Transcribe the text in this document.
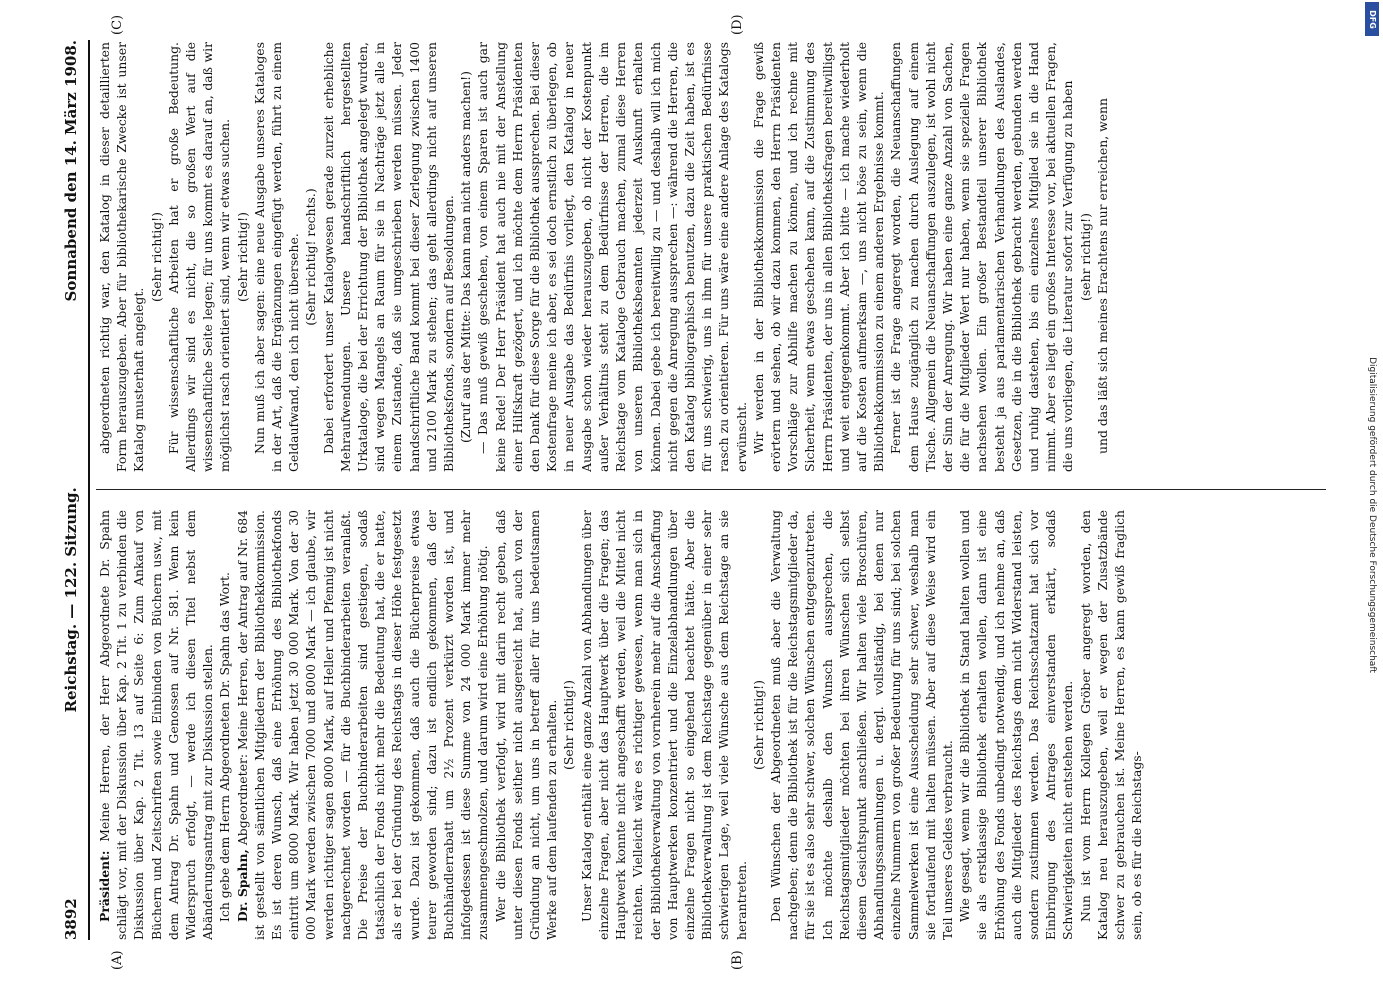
3892
Reichstag. — 122. Sitzung.
Sonnabend den 14. März 1908.

Präsident: Meine Herren, der Herr Abgeordnete Dr. Spahn schlägt vor, mit der Diskussion über Kap. 2 Tit. 1 zu verbinden die Diskussion über Kap. 2 Tit. 13 auf Seite 6: Zum Ankauf von Büchern und Zeitschriften sowie Einbinden von Büchern usw., mit dem Antrag Dr. Spahn und Genossen auf Nr. 581. Wenn kein Widerspruch erfolgt, — werde ich diesen Titel nebst dem Abänderungsantrag mit zur Diskussion stellen. Ich gebe dem Herrn Abgeordneten Dr. Spahn das Wort. Dr. Spahn, Abgeordneter: Meine Herren, der Antrag auf Nr. 684 ist gestellt von sämtlichen Mitgliedern der Bibliothekkommission. Es ist deren Wunsch, daß eine Erhöhung des Bibliothekfonds eintritt um 8000 Mark. Wir haben jetzt 30 000 Mark. Von der 30 000 Mark werden zwischen 7000 und 8000 Mark — ich glaube, wir werden richtiger sagen 8000 Mark, auf Heller und Pfennig ist nicht nachgerechnet worden — für die Buchbinderarbeiten veranlaßt. Die Preise der Buchbinderarbeiten sind gestiegen, sodaß tatsächlich der Fonds nicht mehr die Bedeutung hat, die er hatte, als er bei der Gründung des Reichstags in dieser Höhe festgesetzt wurde. Dazu ist gekommen, daß auch die Bücherpreise etwas teurer geworden sind; dazu ist endlich gekommen, daß der Buchhändlerrabatt um 2½ Prozent verkürzt worden ist, und infolgedessen ist diese Summe von 24 000 Mark immer mehr zusammengeschmolzen, und darum wird eine Erhöhung nötig. Wer die Bibliothek verfolgt, wird mit darin recht geben, daß unter diesen Fonds seither nicht ausgereicht hat, auch von der Gründung an nicht, um uns in betreff aller für uns bedeutsamen Werke auf dem laufenden zu erhalten. (Sehr richtig!) Unser Katalog enthält eine ganze Anzahl von Abhandlungen über einzelne Fragen, aber nicht das Hauptwerk über die Fragen; das Hauptwerk konnte nicht angeschafft werden, weil die Mittel nicht reichten. Vielleicht wäre es richtiger gewesen, wenn man sich in der Bibliothekverwaltung von vornherein mehr auf die Anschaffung von Hauptwerken konzentriert und die Einzelabhandlungen über einzelne Fragen nicht so eingehend beachtet hätte. Aber die Bibliothekverwaltung ist dem Reichstage gegenüber in einer sehr schwierigen Lage, weil viele Wünsche aus dem Reichstage an sie herantreten.

(Sehr richtig!) Den Wünschen der Abgeordneten muß aber die Verwaltung nachgeben; denn die Bibliothek ist für die Reichstagsmitglieder da, für sie ist es also sehr schwer, solchen Wünschen entgegenzutreten. Ich möchte deshalb den Wunsch aussprechen, die Reichstagsmitglieder möchten bei ihren Wünschen sich selbst diesem Gesichtspunkt anschließen. Wir halten viele Broschüren, Abhandlungssammlungen u. dergl. vollständig, bei denen nur einzelne Nummern von großer Bedeutung für uns sind; bei solchen Sammelwerken ist eine Ausscheidung sehr schwer, weshalb man sie fortlaufend mit halten müssen. Aber auf diese Weise wird ein Teil unseres Geldes verbraucht. Wie gesagt, wenn wir die Bibliothek in Stand halten wollen und sie als erstklassige Bibliothek erhalten wollen, dann ist eine Erhöhung des Fonds unbedingt notwendig, und ich nehme an, daß auch die Mitglieder des Reichstags dem nicht Widerstand leisten, sondern zustimmen werden. Das Reichsschatzamt hat sich vor Einbringung des Antrages einverstanden erklärt, sodaß Schwierigkeiten nicht entstehen werden. Nun ist vom Herrn Kollegen Gröber angeregt worden, den Katalog neu herauszugeben, weil er wegen der Zusatzbände schwer zu gebrauchen ist. Meine Herren, es kann gewiß fraglich sein, ob es für die Reichstags-

abgeordneten richtig war, den Katalog in dieser detaillierten Form herauszugeben. Aber für bibliothekarische Zwecke ist unser Katalog musterhaft angelegt.

(Sehr richtig!) Für wissenschaftliche Arbeiten hat er große Bedeutung. Allerdings wir sind es nicht, die so großen Wert auf die wissenschaftliche Seite legen; für uns kommt es darauf an, daß wir möglichst rasch orientiert sind, wenn wir etwas suchen. (Sehr richtig!) Nun muß ich aber sagen: eine neue Ausgabe unseres Kataloges in der Art, daß die Ergänzungen eingefügt werden, führt zu einem Geldaufwand, den ich nicht übersehe. (Sehr richtig! rechts.) Dabei erfordert unser Katalogwesen gerade zurzeit erhebliche Mehraufwendungen. Unsere handschriftlich hergestellten Urkataloge, die bei der Errichtung der Bibliothek angelegt wurden, sind wegen Mangels an Raum für sie in Nachträge jetzt alle in einem Zustande, daß sie umgeschrieben werden müssen. Jeder handschriftliche Band kommt bei dieser Zerlegung zwischen 1400 und 2100 Mark zu stehen; das geht allerdings nicht auf unseren Bibliotheksfonds, sondern auf Besoldungen. (Zuruf aus der Mitte: Das kann man nicht anders machen!) — Das muß gewiß geschehen, von einem Sparen ist auch gar keine Rede! Der Herr Präsident hat auch nie mit der Anstellung einer Hilfskraft gezögert, und ich möchte dem Herrn Präsidenten den Dank für diese Sorge für die Bibliothek aussprechen. Bei dieser Kostenfrage meine ich aber, es sei doch ernstlich zu überlegen, ob in neuer Ausgabe das Bedürfnis vorliegt, den Katalog in neuer Ausgabe schon wieder herauszugeben, ob nicht der Kostenpunkt außer Verhältnis steht zu dem Bedürfnisse der Herren, die im Reichstage vom Kataloge Gebrauch machen, zumal diese Herren von unseren Bibliotheksbeamten jederzeit Auskunft erhalten können. Dabei gebe ich bereitwillig zu — und deshalb will ich mich nicht gegen die Anregung aussprechen —: während die Herren, die den Katalog bibliographisch benutzen, dazu die Zeit haben, ist es für uns schwierig, uns in ihm für unsere praktischen Bedürfnisse rasch zu orientieren. Für uns wäre eine andere Anlage des Katalogs erwünscht. Wir werden in der Bibliothekkommission die Frage gewiß erörtern und sehen, ob wir dazu kommen, den Herrn Präsidenten Vorschläge zur Abhilfe machen zu können, und ich rechne mit Sicherheit, wenn etwas geschehen kann, auf die Zustimmung des Herrn Präsidenten, der uns in allen Bibliotheksfragen bereitwilligst und weit entgegenkommt. Aber ich bitte — ich mache wiederholt auf die Kosten aufmerksam —, uns nicht böse zu sein, wenn die Bibliothekkommission zu einem anderen Ergebnisse kommt. Ferner ist die Frage angeregt worden, die Neuanschaffungen dem Hause zugänglich zu machen durch Auslegung auf einem Tische. Allgemein die Neuanschaffungen auszulegen, ist wohl nicht der Sinn der Anregung. Wir haben eine ganze Anzahl von Sachen, die für die Mitglieder Wert nur haben, wenn sie spezielle Fragen nachsehen wollen. Ein großer Bestandteil unserer Bibliothek besteht ja aus parlamentarischen Verhandlungen des Auslandes, Gesetzen, die in die Bibliothek gebracht werden, gebunden werden und ruhig dastehen, bis ein einzelnes Mitglied sie in die Hand nimmt. Aber es liegt ein großes Interesse vor, bei aktuellen Fragen, die uns vorliegen, die Literatur sofort zur Verfügung zu haben (sehr richtig!) und das läßt sich meines Erachtens nur erreichen, wenn

(A)	(B)
(C)	(D)	DFG
Digitalisierung gefördert durch die Deutsche Forschungsgemeinschaft
